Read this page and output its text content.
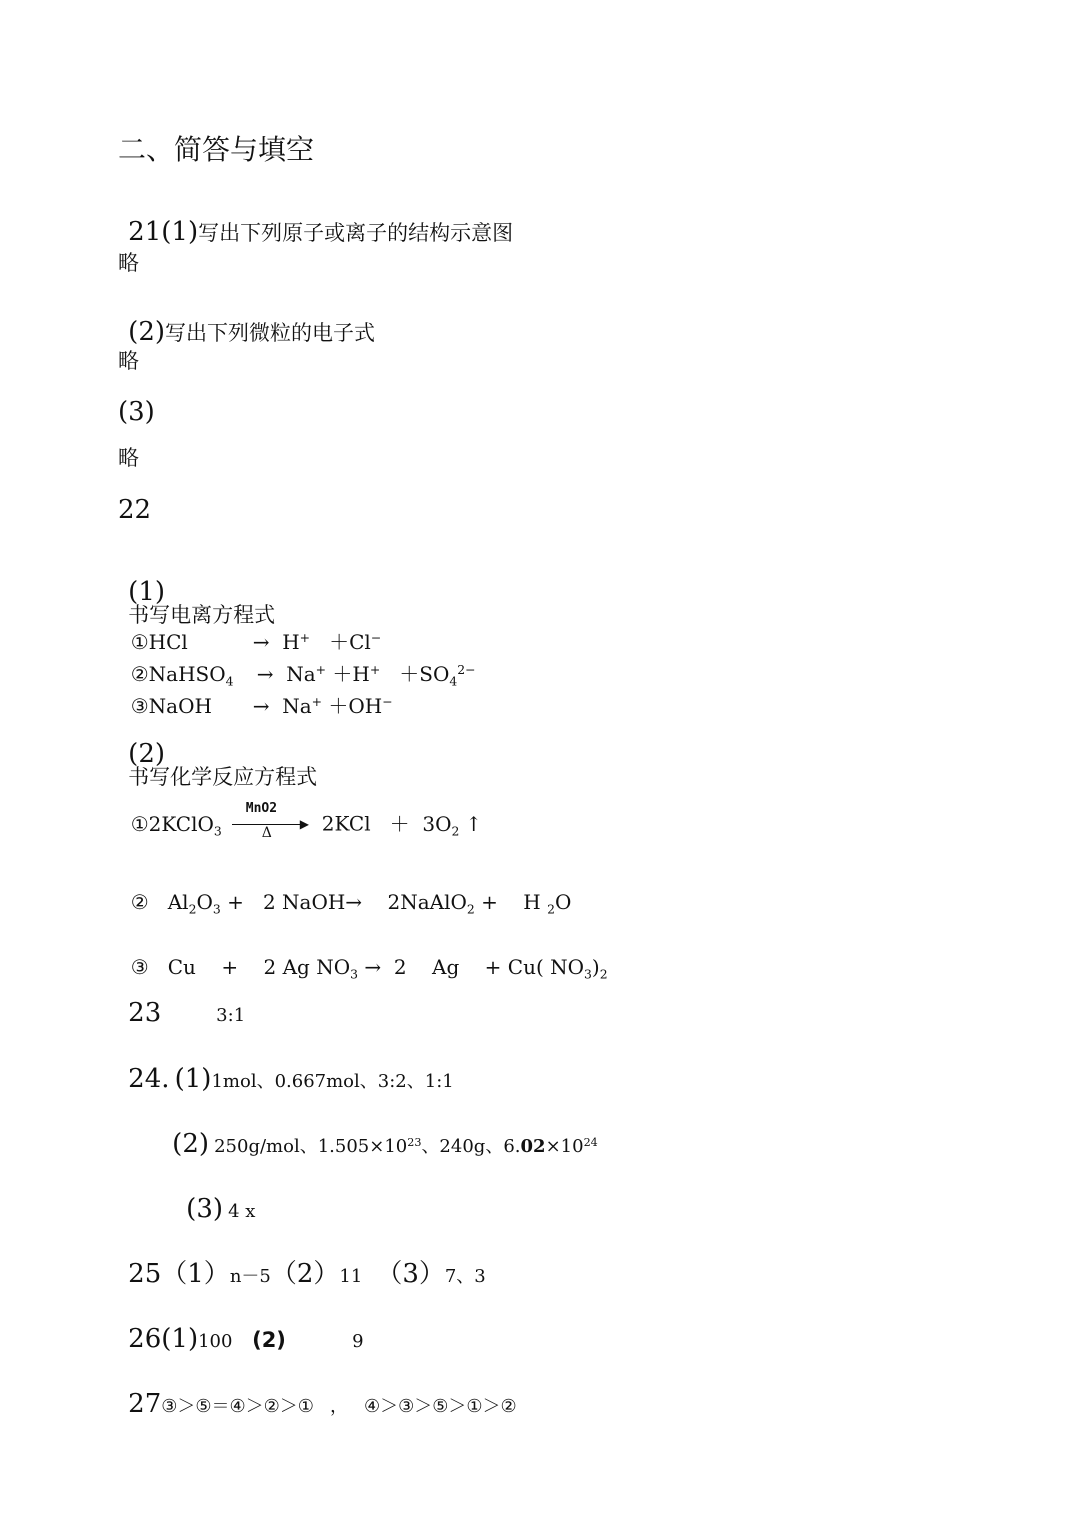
二、简答与填空

21(1)写出下列原子或离子的结构示意图

略

(2)写出下列微粒的电子式

略
(3)
略
22

(1)
书写电离方程式

①HCl	→  H+   ＋Cl−

②NaHSO$_4$ →  $Na^+ +H^+ +SO_4^{2-}$

③NaOH →  Na+ ＋OH−

(2)
书写化学反应方程式

①2KClO$_3$
MnO2
▶
Δ $2KCl + 3O_2$ ↑

②   $Al_2O_3 + 2$ NaOH→    2NaAlO$_2$ +    H $_2$O

③   Cu    +    2 Ag $NO_3 \to 2$    Ag    + Cu( $NO_3)_2$

23	3:1

24. (1)1mol、0.667mol、3:2、1:1

(2) 250g/mol、$1.505\times 10^{23}$、240g、$6.02\times 10^{24}$

(3) 4 x

25（1）n－5（2）11 （3）7、3

26(1)100 (2)	9

27③＞⑤＝④＞②＞① ， ④＞③＞⑤＞①＞②
